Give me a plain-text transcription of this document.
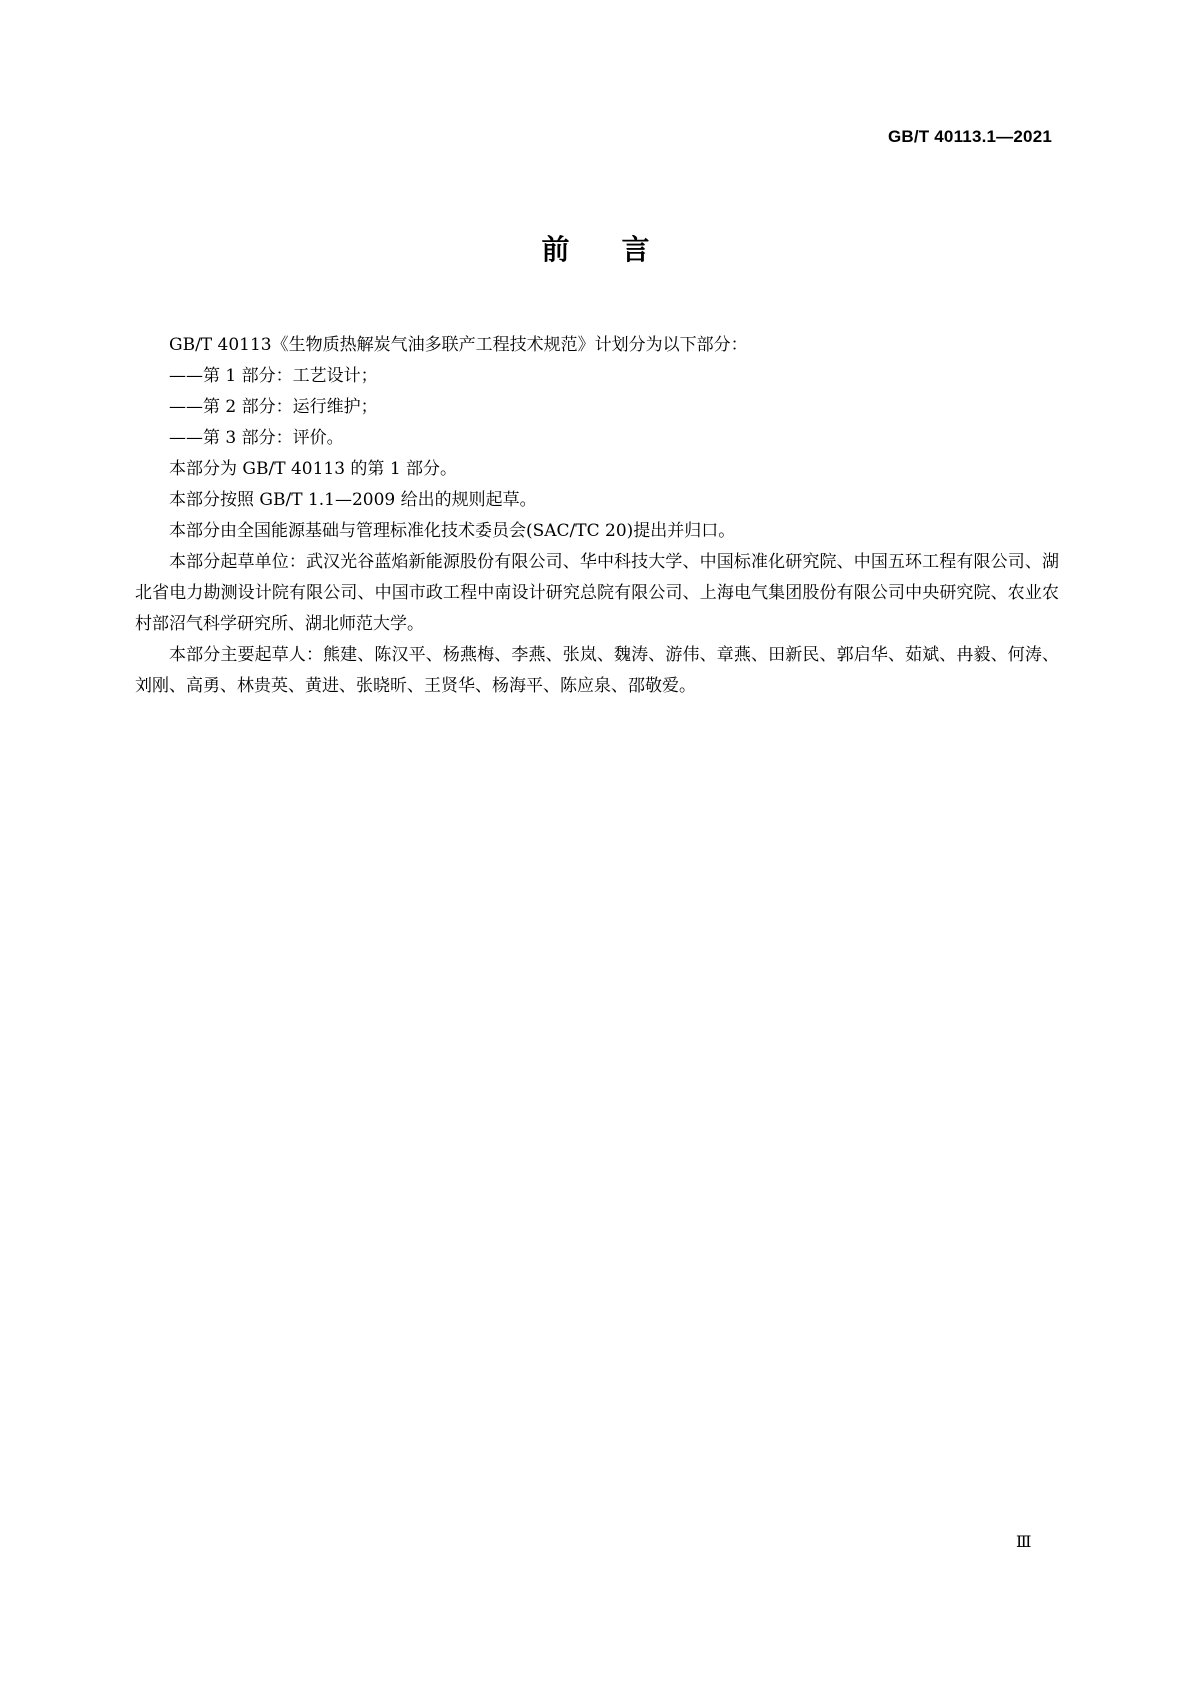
GB/T 40113.1—2021
前言

GB/T 40113《生物质热解炭气油多联产工程技术规范》计划分为以下部分：

——第 1 部分：工艺设计；

——第 2 部分：运行维护；

——第 3 部分：评价。

本部分为 GB/T 40113 的第 1 部分。

本部分按照 GB/T 1.1—2009 给出的规则起草。

本部分由全国能源基础与管理标准化技术委员会(SAC/TC 20)提出并归口。

本部分起草单位：武汉光谷蓝焰新能源股份有限公司、华中科技大学、中国标准化研究院、中国五环工程有限公司、湖北省电力勘测设计院有限公司、中国市政工程中南设计研究总院有限公司、上海电气集团股份有限公司中央研究院、农业农村部沼气科学研究所、湖北师范大学。

本部分主要起草人：熊建、陈汉平、杨燕梅、李燕、张岚、魏涛、游伟、章燕、田新民、郭启华、茹斌、冉毅、何涛、刘刚、高勇、林贵英、黄进、张晓昕、王贤华、杨海平、陈应泉、邵敬爱。

Ⅲ
